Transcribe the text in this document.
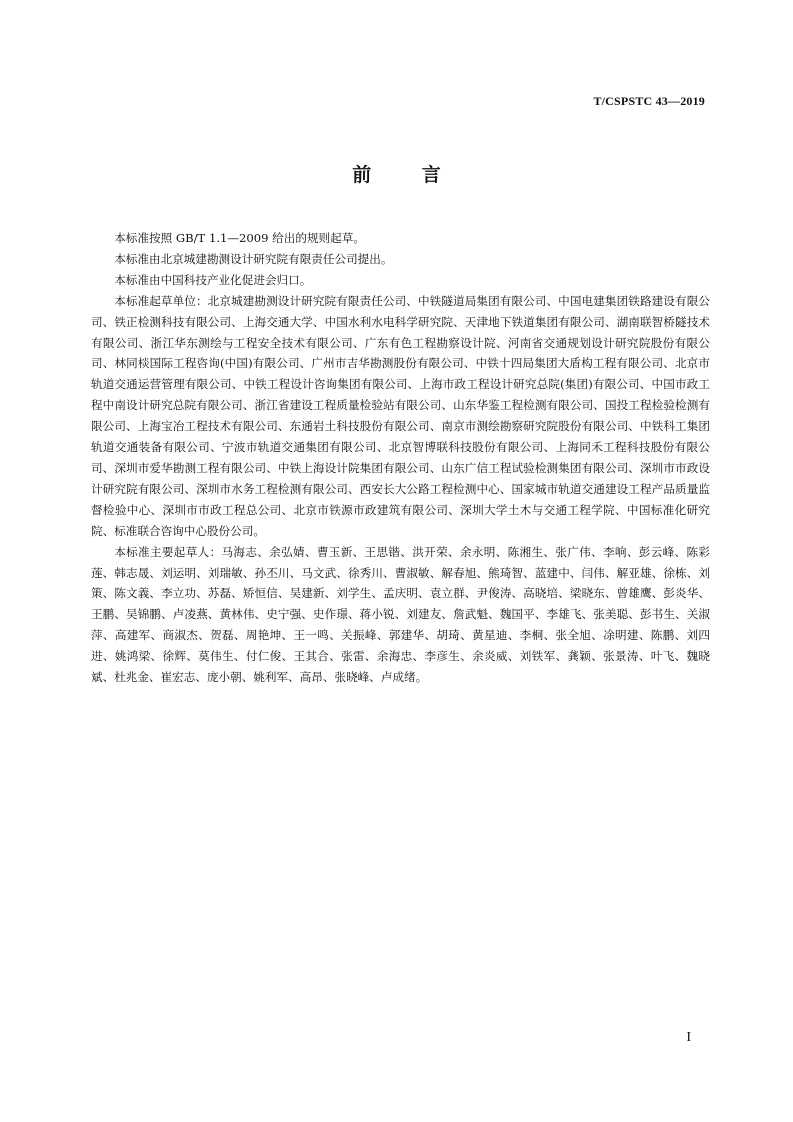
T/CSPSTC 43—2019
前 言

本标准按照 GB/T 1.1—2009 给出的规则起草。

本标准由北京城建勘测设计研究院有限责任公司提出。

本标准由中国科技产业化促进会归口。

本标准起草单位：北京城建勘测设计研究院有限责任公司、中铁隧道局集团有限公司、中国电建集团铁路建设有限公司、铁正检测科技有限公司、上海交通大学、中国水利水电科学研究院、天津地下铁道集团有限公司、湖南联智桥隧技术有限公司、浙江华东测绘与工程安全技术有限公司、广东有色工程勘察设计院、河南省交通规划设计研究院股份有限公司、林同棪国际工程咨询(中国)有限公司、广州市吉华勘测股份有限公司、中铁十四局集团大盾构工程有限公司、北京市轨道交通运营管理有限公司、中铁工程设计咨询集团有限公司、上海市政工程设计研究总院(集团)有限公司、中国市政工程中南设计研究总院有限公司、浙江省建设工程质量检验站有限公司、山东华鉴工程检测有限公司、国投工程检验检测有限公司、上海宝冶工程技术有限公司、东通岩土科技股份有限公司、南京市测绘勘察研究院股份有限公司、中铁科工集团轨道交通装备有限公司、宁波市轨道交通集团有限公司、北京智博联科技股份有限公司、上海同禾工程科技股份有限公司、深圳市爱华勘测工程有限公司、中铁上海设计院集团有限公司、山东广信工程试验检测集团有限公司、深圳市市政设计研究院有限公司、深圳市水务工程检测有限公司、西安长大公路工程检测中心、国家城市轨道交通建设工程产品质量监督检验中心、深圳市市政工程总公司、北京市铁源市政建筑有限公司、深圳大学土木与交通工程学院、中国标准化研究院、标准联合咨询中心股份公司。

本标准主要起草人：马海志、余弘婧、曹玉新、王思锴、洪开荣、余永明、陈湘生、张广伟、李响、彭云峰、陈彩莲、韩志晟、刘运明、刘瑞敏、孙丕川、马文武、徐秀川、曹淑敏、解春旭、熊琦智、蓝建中、闫伟、解亚雄、徐栋、刘策、陈文義、李立功、苏磊、矫恒信、吴建新、刘学生、孟庆明、袁立群、尹俊涛、高晓培、梁晓东、曾雄鹰、彭炎华、王鹏、吴锦鹏、卢凌燕、黄林伟、史宁强、史作璟、蒋小锐、刘建友、詹武魁、魏国平、李雄飞、张美聪、彭书生、关淑萍、高建军、商淑杰、贺磊、周艳坤、王一鸣、关振峰、郭建华、胡琦、黄星迪、李桐、张全旭、凃明建、陈鹏、刘四进、姚鸿梁、徐辉、莫伟生、付仁俊、王其合、张雷、余海忠、李彦生、余炎威、刘铁军、龚颖、张景涛、叶飞、魏晓斌、杜兆金、崔宏志、庞小朝、姚利军、高昂、张晓峰、卢成绪。

I
